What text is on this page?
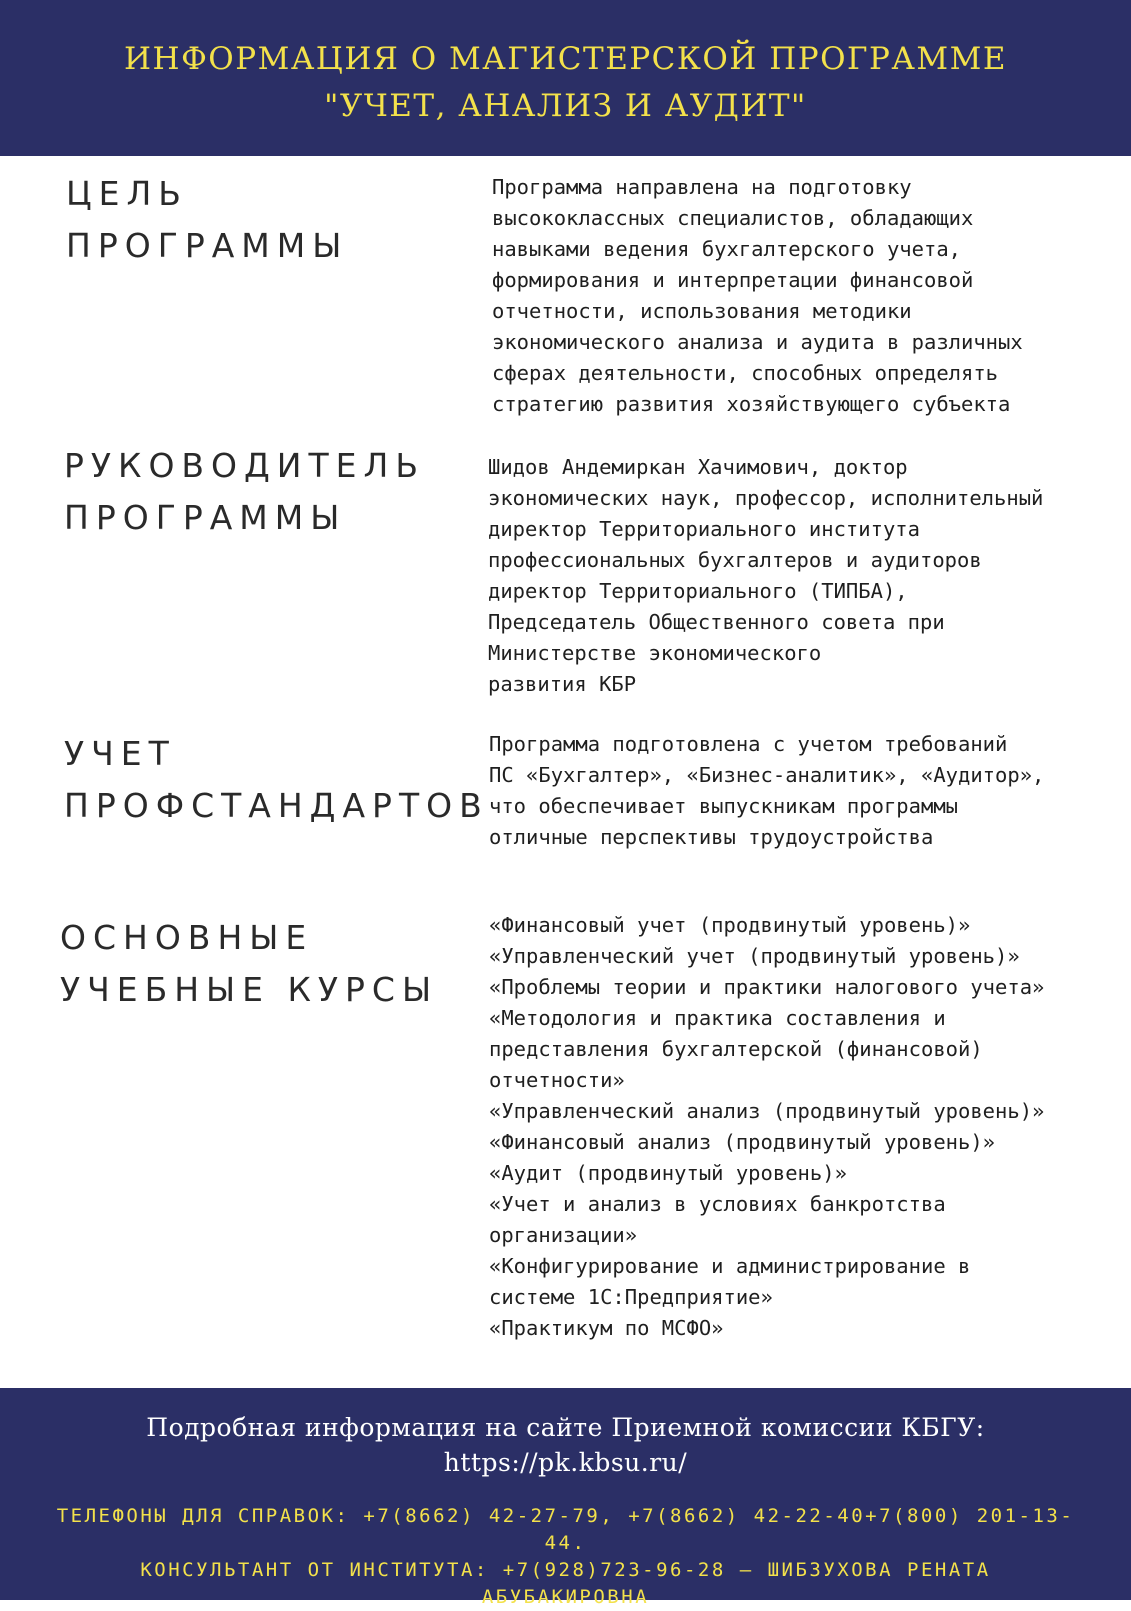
ИНФОРМАЦИЯ О МАГИСТЕРСКОЙ ПРОГРАММЕ
"УЧЕТ, АНАЛИЗ И АУДИТ"
ЦЕЛЬ
ПРОГРАММЫ

Программа направлена на подготовку
высококлассных специалистов, обладающих
навыками ведения бухгалтерского учета,
формирования и интерпретации финансовой
отчетности, использования методики
экономического анализа и аудита в различных
сферах деятельности, способных определять
стратегию развития хозяйствующего субъекта

РУКОВОДИТЕЛЬ
ПРОГРАММЫ

Шидов Андемиркан Хачимович, доктор
экономических наук, профессор, исполнительный
директор Территориального института
профессиональных бухгалтеров и аудиторов
директор Территориального (ТИПБА),
Председатель Общественного совета при
Министерстве экономического
развития КБР

УЧЕТ
ПРОФСТАНДАРТОВ

Программа подготовлена с учетом требований
ПС «Бухгалтер», «Бизнес-аналитик», «Аудитор»,
что обеспечивает выпускникам программы
отличные перспективы трудоустройства

ОСНОВНЫЕ
УЧЕБНЫЕ КУРСЫ
«Финансовый учет (продвинутый уровень)»
«Управленческий учет (продвинутый уровень)»
«Проблемы теории и практики налогового учета»
«Методология и практика составления и
представления бухгалтерской (финансовой)
отчетности»
«Управленческий анализ (продвинутый уровень)»
«Финансовый анализ (продвинутый уровень)»
«Аудит (продвинутый уровень)»
«Учет и анализ в условиях банкротства
организации»
«Конфигурирование и администрирование в
системе 1С:Предприятие»
«Практикум по МСФО»
Подробная информация на сайте Приемной комиссии КБГУ:
https://pk.kbsu.ru/
ТЕЛЕФОНЫ ДЛЯ СПРАВОК: +7(8662) 42-27-79, +7(8662) 42-22-40+7(800) 201-13-44.
КОНСУЛЬТАНТ ОТ ИНСТИТУТА: +7(928)723-96-28 – ШИБЗУХОВА РЕНАТА
АБУБАКИРОВНА
